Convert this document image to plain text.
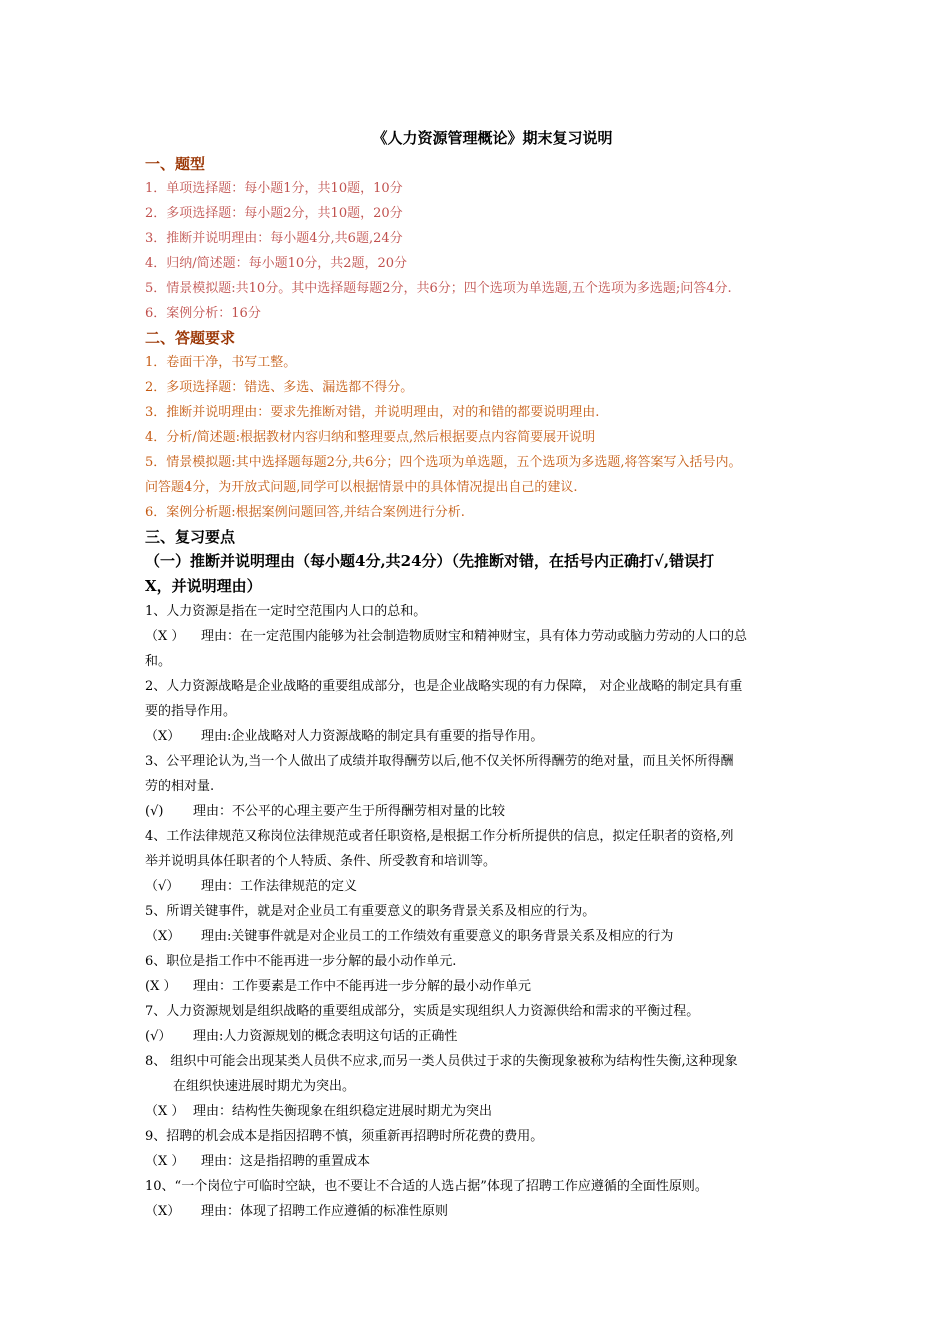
《人力资源管理概论》期末复习说明
一、题型
1．单项选择题：每小题1分，共10题，10分
2．多项选择题：每小题2分，共10题，20分
3．推断并说明理由：每小题4分,共6题,24分
4．归纳/简述题：每小题10分，共2题，20分
5．情景模拟题:共10分。其中选择题每题2分，共6分；四个选项为单选题,五个选项为多选题;问答4分.
6．案例分析：16分
二、答题要求
1．卷面干净，书写工整。
2．多项选择题：错选、多选、漏选都不得分。
3．推断并说明理由：要求先推断对错，并说明理由，对的和错的都要说明理由.
4．分析/简述题:根据教材内容归纳和整理要点,然后根据要点内容简要展开说明
5．情景模拟题:其中选择题每题2分,共6分；四个选项为单选题，五个选项为多选题,将答案写入括号内。
问答题4分，为开放式问题,同学可以根据情景中的具体情况提出自己的建议.
6．案例分析题:根据案例问题回答,并结合案例进行分析.
三、复习要点
（一）推断并说明理由（每小题4分,共24分）（先推断对错，在括号内正确打√,错误打
X，并说明理由）
1、人力资源是指在一定时空范围内人口的总和。
（X ） 理由：在一定范围内能够为社会制造物质财宝和精神财宝，具有体力劳动或脑力劳动的人口的总
和。
2、人力资源战略是企业战略的重要组成部分，也是企业战略实现的有力保障， 对企业战略的制定具有重
要的指导作用。
（X） 理由:企业战略对人力资源战略的制定具有重要的指导作用。
3、公平理论认为,当一个人做出了成绩并取得酬劳以后,他不仅关怀所得酬劳的绝对量，而且关怀所得酬
劳的相对量.
(√) 理由：不公平的心理主要产生于所得酬劳相对量的比较
4、工作法律规范又称岗位法律规范或者任职资格,是根据工作分析所提供的信息，拟定任职者的资格,列
举并说明具体任职者的个人特质、条件、所受教育和培训等。
（√） 理由：工作法律规范的定义
5、所谓关键事件，就是对企业员工有重要意义的职务背景关系及相应的行为。
（X） 理由:关键事件就是对企业员工的工作绩效有重要意义的职务背景关系及相应的行为
6、职位是指工作中不能再进一步分解的最小动作单元.
(X ） 理由：工作要素是工作中不能再进一步分解的最小动作单元
7、人力资源规划是组织战略的重要组成部分，实质是实现组织人力资源供给和需求的平衡过程。
(√） 理由:人力资源规划的概念表明这句话的正确性
8、 组织中可能会出现某类人员供不应求,而另一类人员供过于求的失衡现象被称为结构性失衡,这种现象
在组织快速进展时期尤为突出。
（X ） 理由：结构性失衡现象在组织稳定进展时期尤为突出
9、招聘的机会成本是指因招聘不慎，须重新再招聘时所花费的费用。
（X ） 理由：这是指招聘的重置成本
10、“一个岗位宁可临时空缺，也不要让不合适的人选占据”体现了招聘工作应遵循的全面性原则。
（X） 理由：体现了招聘工作应遵循的标准性原则
